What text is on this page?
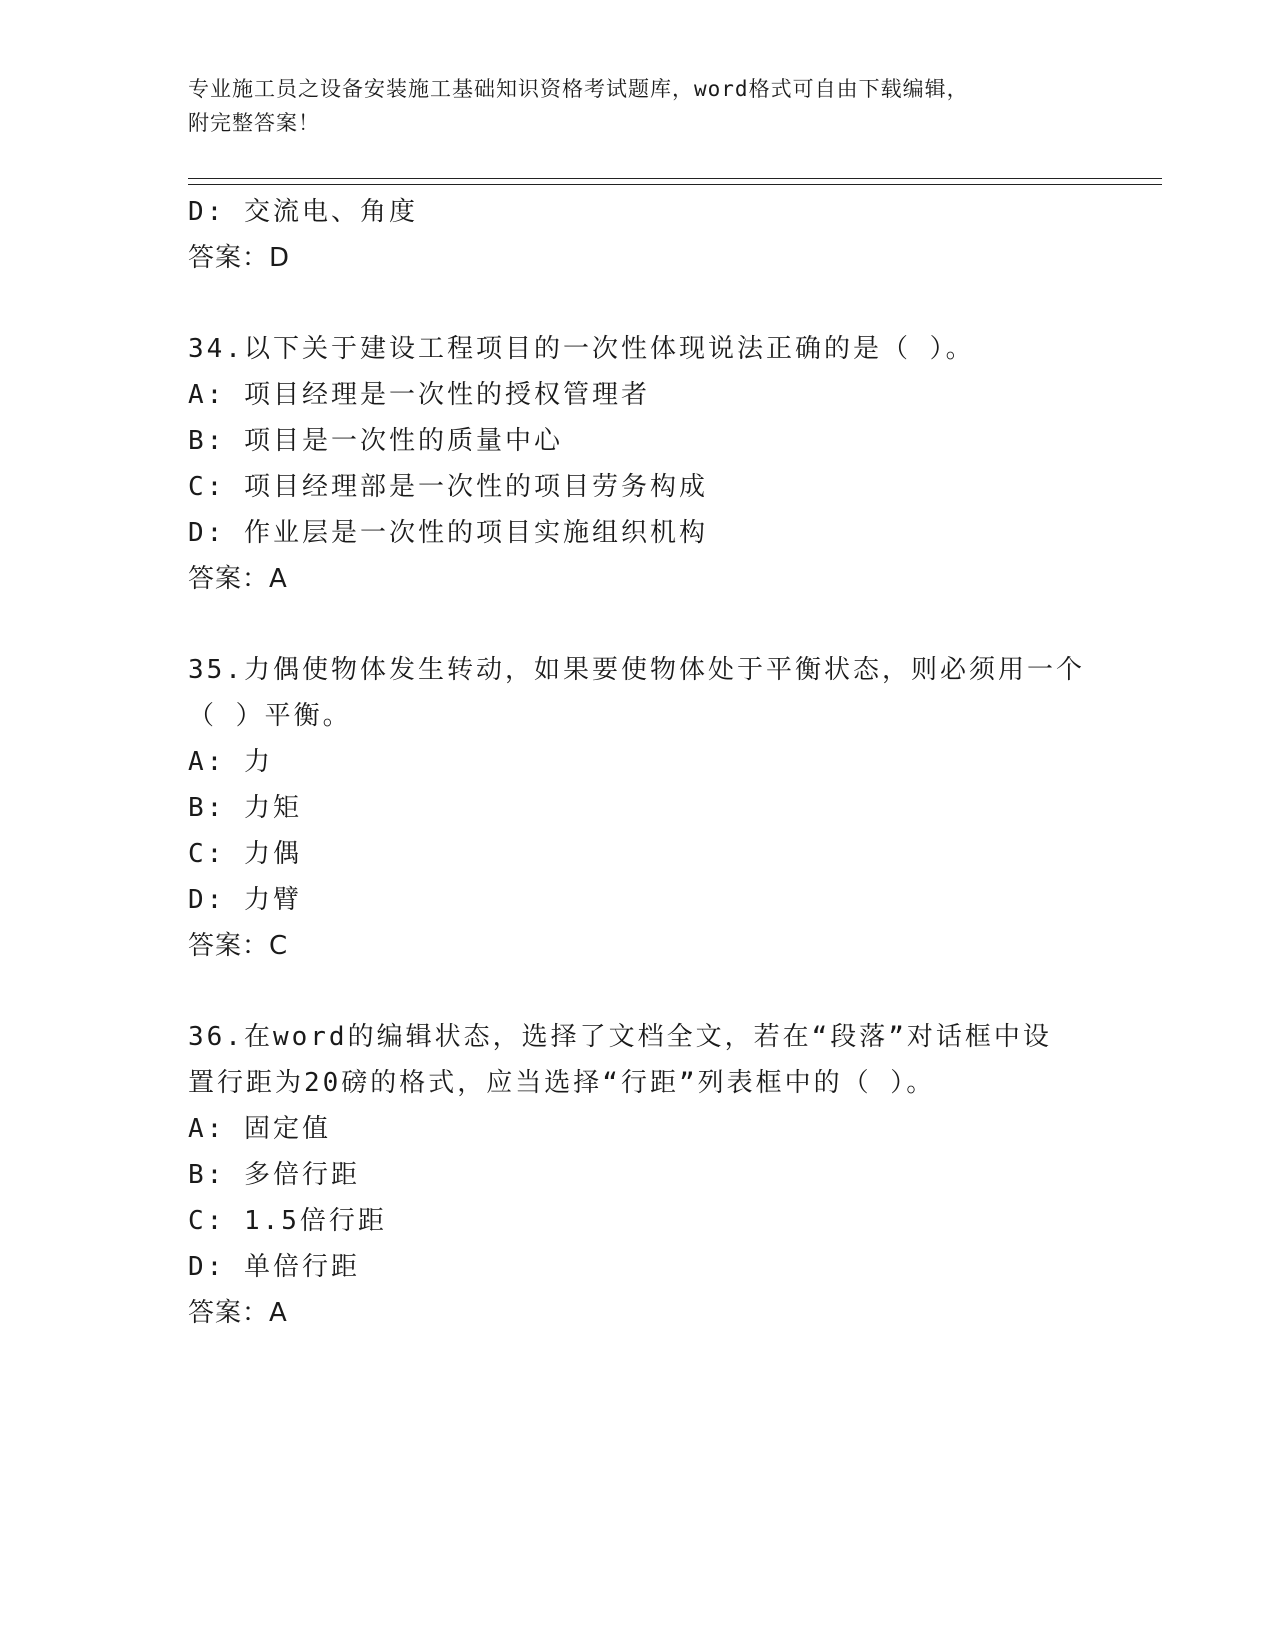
专业施工员之设备安装施工基础知识资格考试题库，word格式可自由下载编辑，
附完整答案！
D: 交流电、角度
答案：D
34.以下关于建设工程项目的一次性体现说法正确的是（ ）。
A: 项目经理是一次性的授权管理者
B: 项目是一次性的质量中心
C: 项目经理部是一次性的项目劳务构成
D: 作业层是一次性的项目实施组织机构
答案：A
35.力偶使物体发生转动，如果要使物体处于平衡状态，则必须用一个
（ ）平衡。
A: 力
B: 力矩
C: 力偶
D: 力臂
答案：C
36.在word的编辑状态，选择了文档全文，若在“段落”对话框中设
置行距为20磅的格式，应当选择“行距”列表框中的（ ）。
A: 固定值
B: 多倍行距
C: 1.5倍行距
D: 单倍行距
答案：A
